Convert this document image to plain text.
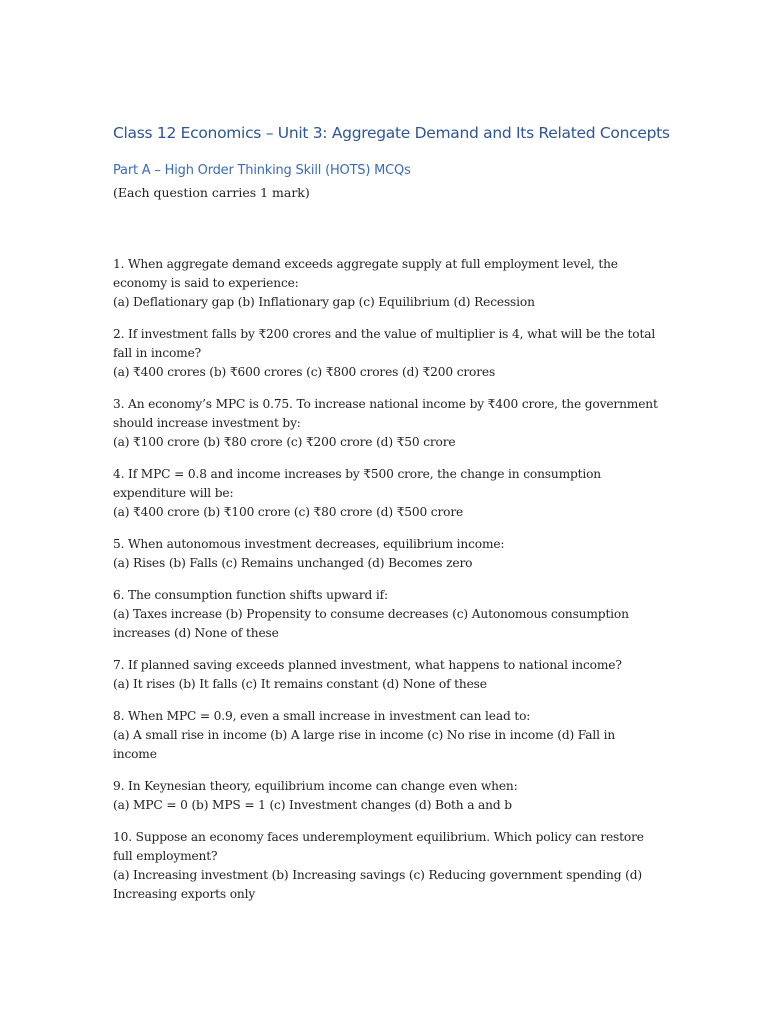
Class 12 Economics – Unit 3: Aggregate Demand and Its Related Concepts
Part A – High Order Thinking Skill (HOTS) MCQs
(Each question carries 1 mark)
1. When aggregate demand exceeds aggregate supply at full employment level, the economy is said to experience:
(a) Deflationary gap (b) Inflationary gap (c) Equilibrium (d) Recession
2. If investment falls by ₹200 crores and the value of multiplier is 4, what will be the total fall in income?
(a) ₹400 crores (b) ₹600 crores (c) ₹800 crores (d) ₹200 crores
3. An economy’s MPC is 0.75. To increase national income by ₹400 crore, the government should increase investment by:
(a) ₹100 crore (b) ₹80 crore (c) ₹200 crore (d) ₹50 crore
4. If MPC = 0.8 and income increases by ₹500 crore, the change in consumption expenditure will be:
(a) ₹400 crore (b) ₹100 crore (c) ₹80 crore (d) ₹500 crore
5. When autonomous investment decreases, equilibrium income:
(a) Rises (b) Falls (c) Remains unchanged (d) Becomes zero
6. The consumption function shifts upward if:
(a) Taxes increase (b) Propensity to consume decreases (c) Autonomous consumption increases (d) None of these
7. If planned saving exceeds planned investment, what happens to national income?
(a) It rises (b) It falls (c) It remains constant (d) None of these
8. When MPC = 0.9, even a small increase in investment can lead to:
(a) A small rise in income (b) A large rise in income (c) No rise in income (d) Fall in income
9. In Keynesian theory, equilibrium income can change even when:
(a) MPC = 0 (b) MPS = 1 (c) Investment changes (d) Both a and b
10. Suppose an economy faces underemployment equilibrium. Which policy can restore full employment?
(a) Increasing investment (b) Increasing savings (c) Reducing government spending (d) Increasing exports only
